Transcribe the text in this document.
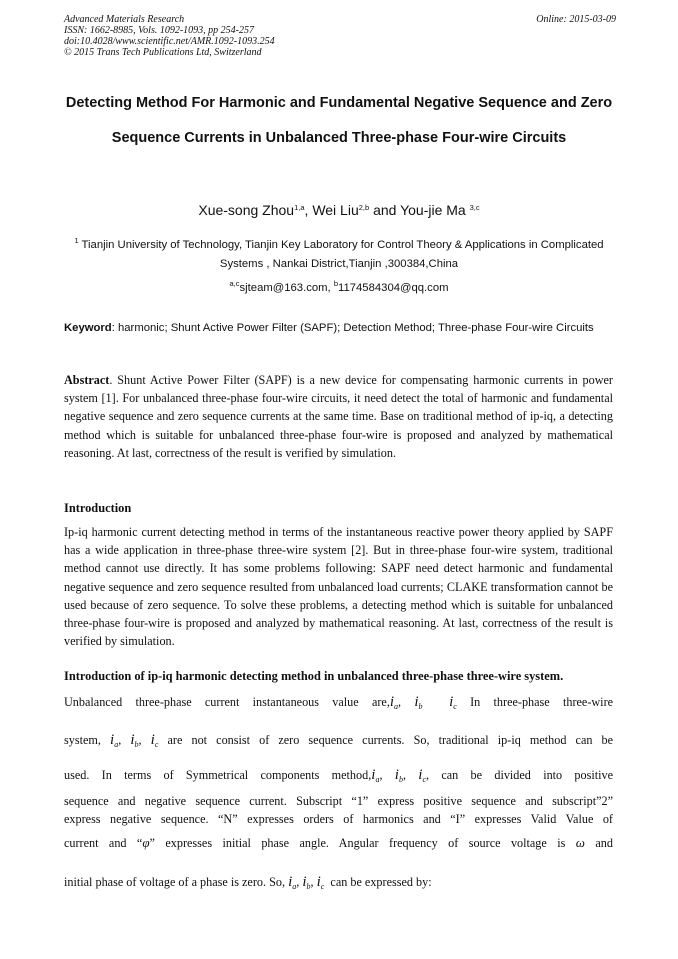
Advanced Materials Research
ISSN: 1662-8985, Vols. 1092-1093, pp 254-257
doi:10.4028/www.scientific.net/AMR.1092-1093.254
© 2015 Trans Tech Publications Ltd, Switzerland
Online: 2015-03-09
Detecting Method For Harmonic and Fundamental Negative Sequence and Zero Sequence Currents in Unbalanced Three-phase Four-wire Circuits
Xue-song Zhou$^{1,a}$, Wei Liu$^{2,b}$ and You-jie Ma $^{3,c}$
$^1$ Tianjin University of Technology, Tianjin Key Laboratory for Control Theory & Applications in Complicated Systems , Nankai District,Tianjin ,300384,China
$^{a,c}$sjteam@163.com, $^b$1174584304@qq.com
Keyword: harmonic; Shunt Active Power Filter (SAPF); Detection Method; Three-phase Four-wire Circuits
Abstract. Shunt Active Power Filter (SAPF) is a new device for compensating harmonic currents in power system [1]. For unbalanced three-phase four-wire circuits, it need detect the total of harmonic and fundamental negative sequence and zero sequence currents at the same time. Base on traditional method of ip-iq, a detecting method which is suitable for unbalanced three-phase four-wire is proposed and analyzed by mathematical reasoning. At last, correctness of the result is verified by simulation.
Introduction
Ip-iq harmonic current detecting method in terms of the instantaneous reactive power theory applied by SAPF has a wide application in three-phase three-wire system [2]. But in three-phase four-wire system, traditional method cannot use directly. It has some problems following: SAPF need detect harmonic and fundamental negative sequence and zero sequence resulted from unbalanced load currents; CLAKE transformation cannot be used because of zero sequence. To solve these problems, a detecting method which is suitable for unbalanced three-phase four-wire is proposed and analyzed by mathematical reasoning. At last, correctness of the result is verified by simulation.
Introduction of ip-iq harmonic detecting method in unbalanced three-phase three-wire system.
Unbalanced three-phase current instantaneous value $are,i_a$, $i_b$ $i_c$ In three-phase three-wire
system, $i_a$, $i_b$, $i_c$ are not consist of zero sequence currents. So, traditional ip-iq method can be
used. In terms of Symmetrical components $method,i_a$, $i_b$, $i_c$, can be divided into positive
sequence and negative sequence current. Subscript “1” express positive sequence and subscript”2”
express negative sequence. “N” expresses orders of harmonics and “I” expresses Valid Value of
current and “φ” expresses initial phase angle. Angular frequency of source voltage is ω and
initial phase of voltage of a phase is zero. So, $i_a$, $i_b$, $i_c$ can be expressed by:
